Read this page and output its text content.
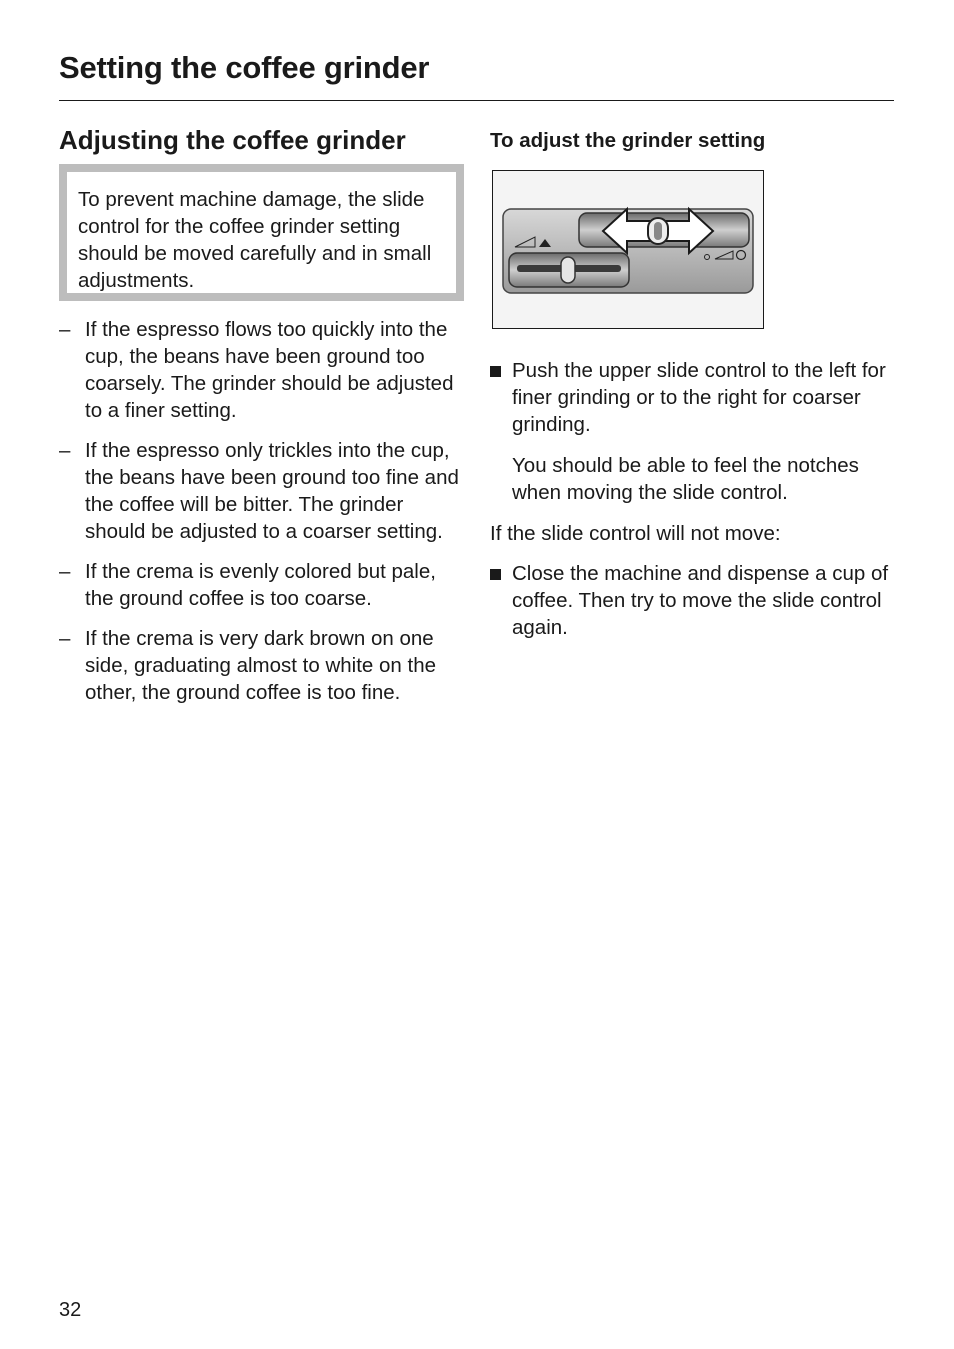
Setting the coffee grinder
Adjusting the coffee grinder

To prevent machine damage, the slide control for the coffee grinder setting should be moved carefully and in small adjustments.

– If the espresso flows too quickly into the cup, the beans have been ground too coarsely. The grinder should be adjusted to a finer setting.
– If the espresso only trickles into the cup, the beans have been ground too fine and the coffee will be bitter. The grinder should be adjusted to a coarser setting.
– If the crema is evenly colored but pale, the ground coffee is too coarse.
– If the crema is very dark brown on one side, graduating almost to white on the other, the ground coffee is too fine.
To adjust the grinder setting
Push the upper slide control to the left for finer grinding or to the right for coarser grinding.

You should be able to feel the notches when moving the slide control.

If the slide control will not move:

Close the machine and dispense a cup of coffee. Then try to move the slide control again.
32
